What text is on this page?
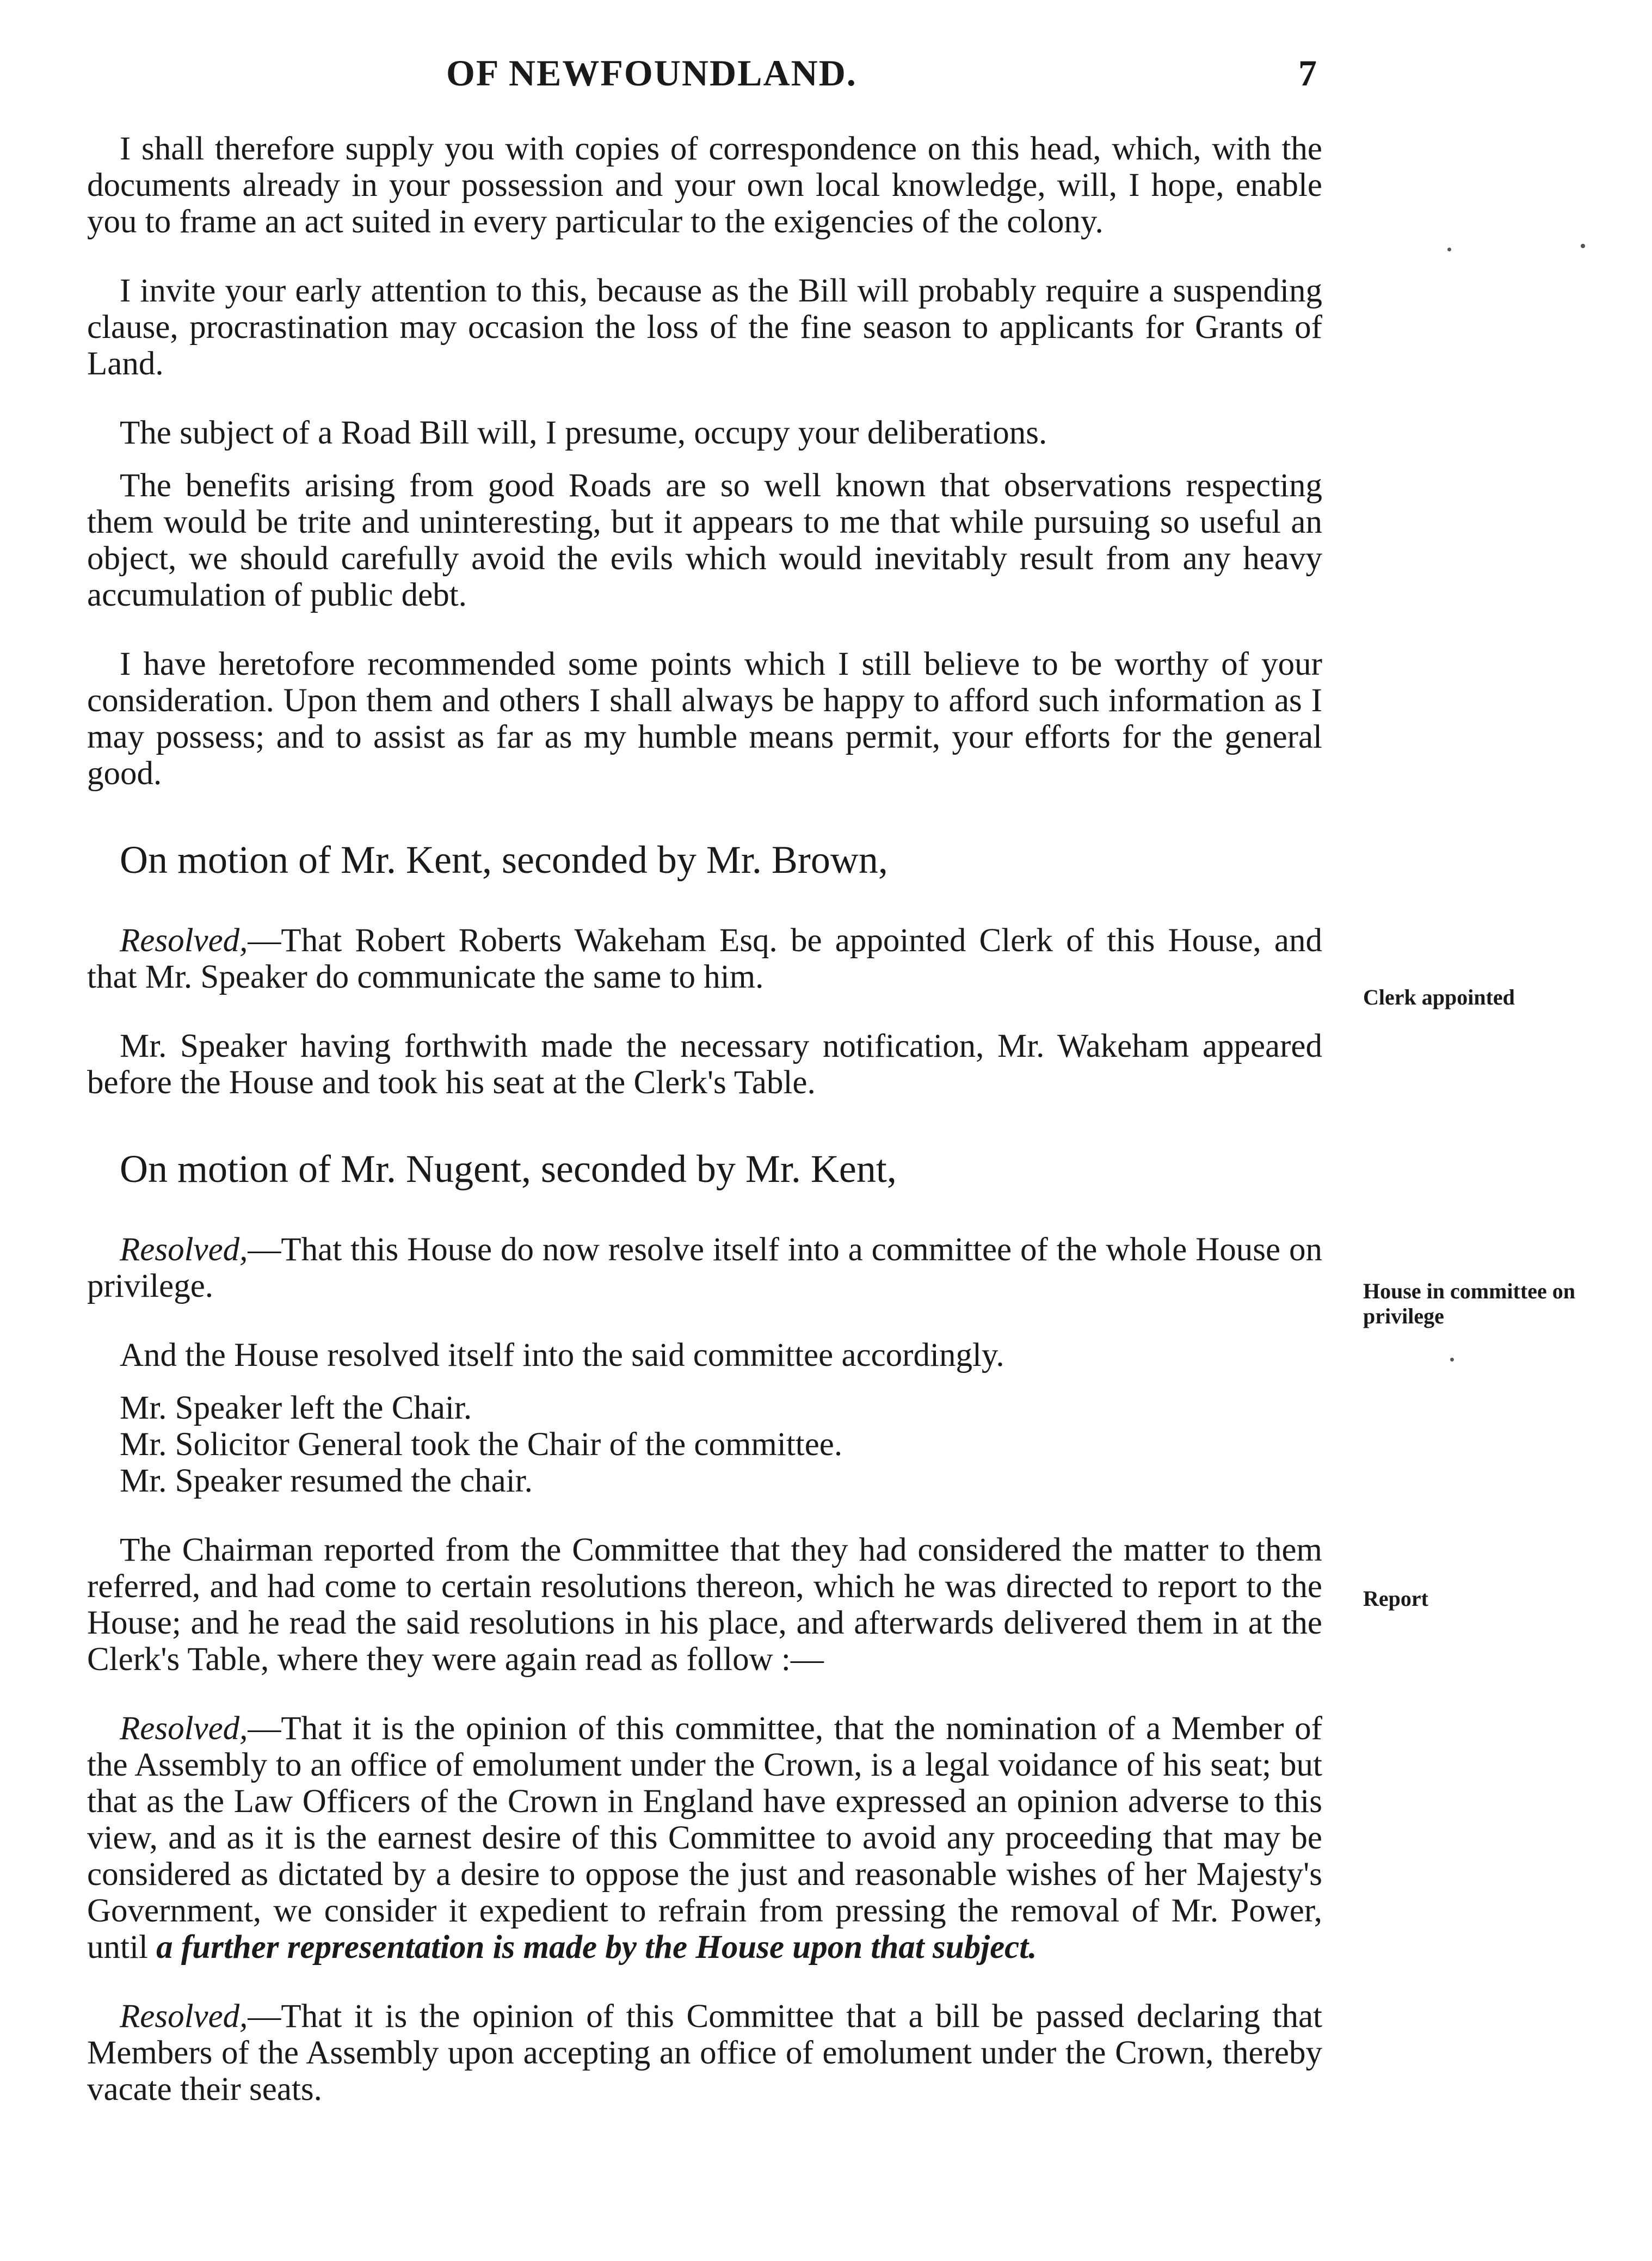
OF NEWFOUNDLAND.	7

I shall therefore supply you with copies of correspondence on this head, which, with the documents already in your possession and your own local knowledge, will, I hope, enable you to frame an act suited in every particular to the exigencies of the colony.

I invite your early attention to this, because as the Bill will probably require a suspending clause, procrastination may occasion the loss of the fine season to applicants for Grants of Land.

The subject of a Road Bill will, I presume, occupy your deliberations.

The benefits arising from good Roads are so well known that observations respecting them would be trite and uninteresting, but it appears to me that while pursuing so useful an object, we should carefully avoid the evils which would inevitably result from any heavy accumulation of public debt.

I have heretofore recommended some points which I still believe to be worthy of your consideration. Upon them and others I shall always be happy to afford such information as I may possess; and to assist as far as my humble means permit, your efforts for the general good.

On motion of Mr. Kent, seconded by Mr. Brown,

Resolved,—That Robert Roberts Wakeham Esq. be appointed Clerk of this House, and that Mr. Speaker do communicate the same to him.

Mr. Speaker having forthwith made the necessary notification, Mr. Wakeham appeared before the House and took his seat at the Clerk's Table.

On motion of Mr. Nugent, seconded by Mr. Kent,

Resolved,—That this House do now resolve itself into a committee of the whole House on privilege.

And the House resolved itself into the said committee accordingly.

Mr. Speaker left the Chair.
Mr. Solicitor General took the Chair of the committee.
Mr. Speaker resumed the chair.

The Chairman reported from the Committee that they had considered the matter to them referred, and had come to certain resolutions thereon, which he was directed to report to the House; and he read the said resolutions in his place, and afterwards delivered them in at the Clerk's Table, where they were again read as follow :—

Resolved,—That it is the opinion of this committee, that the nomination of a Member of the Assembly to an office of emolument under the Crown, is a legal voidance of his seat; but that as the Law Officers of the Crown in England have expressed an opinion adverse to this view, and as it is the earnest desire of this Committee to avoid any proceeding that may be considered as dictated by a desire to oppose the just and reasonable wishes of her Majesty's Government, we consider it expedient to refrain from pressing the removal of Mr. Power, until a further representation is made by the House upon that subject.

Resolved,—That it is the opinion of this Committee that a bill be passed declaring that Members of the Assembly upon accepting an office of emolument under the Crown, thereby vacate their seats.

Clerk appointed
House in committee on privilege
Report
